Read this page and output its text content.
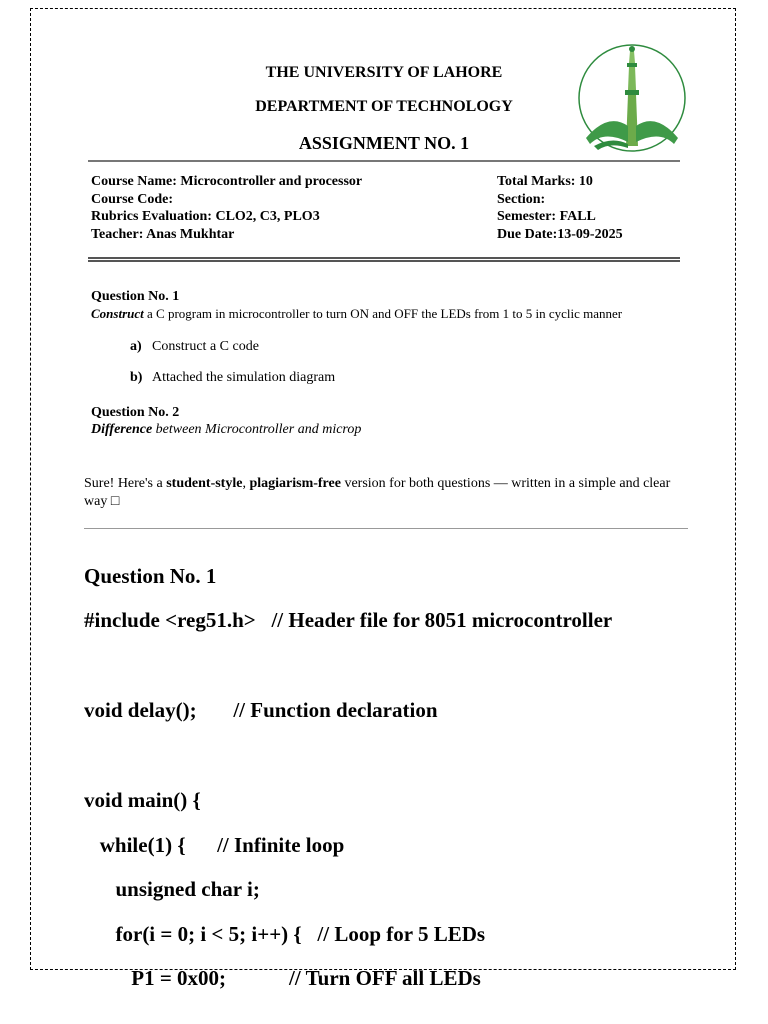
THE UNIVERSITY OF LAHORE
DEPARTMENT OF TECHNOLOGY
ASSIGNMENT NO. 1
Course Name: Microcontroller and processor
Course Code:
Rubrics Evaluation: CLO2, C3, PLO3
Teacher: Anas Mukhtar
Total Marks: 10
Section:
Semester: FALL
Due Date:13-09-2025
Question No. 1
Construct a C program in microcontroller to turn ON and OFF the LEDs from 1 to 5 in cyclic manner
a) Construct a C code
b) Attached the simulation diagram
Question No. 2
Difference between Microcontroller and microp
Sure! Here's a student-style, plagiarism-free version for both questions — written in a simple and clear way □
Question No. 1
#include <reg51.h>   // Header file for 8051 microcontroller
void delay();       // Function declaration
void main() {
while(1) {      // Infinite loop
unsigned char i;
for(i = 0; i < 5; i++) {   // Loop for 5 LEDs
P1 = 0x00;            // Turn OFF all LEDs
